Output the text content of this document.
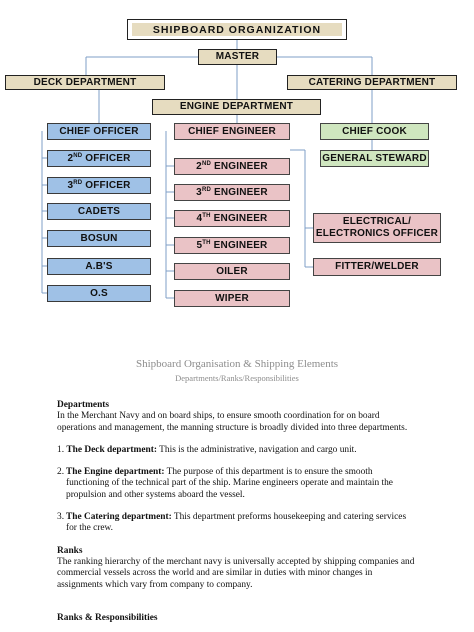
SHIPBOARD ORGANIZATION
MASTER
DECK DEPARTMENT	CATERING DEPARTMENT
ENGINE DEPARTMENT
CHIEF OFFICER
2ND OFFICER
3RD OFFICER
CADETS
BOSUN
A.B'S
O.S
CHIEF ENGINEER
2ND ENGINEER
3RD ENGINEER
4TH ENGINEER
5TH ENGINEER
OILER
WIPER
ELECTRICAL/
ELECTRONICS OFFICER
FITTER/WELDER
CHIEF COOK
GENERAL STEWARD
Shipboard Organisation & Shipping Elements
Departments/Ranks/Responsibilities

Departments

In the Merchant Navy and on board ships, to ensure smooth coordination for on board operations and management, the manning structure is broadly divided into three departments.

1. The Deck department: This is the administrative, navigation and cargo unit.

2. The Engine department: The purpose of this department is to ensure the smooth functioning of the technical part of the ship. Marine engineers operate and maintain the propulsion and other systems aboard the vessel.

3. The Catering department: This department preforms housekeeping and catering services for the crew.

Ranks

The ranking hierarchy of the merchant navy is universally accepted by shipping companies and commercial vessels across the world and are similar in duties with minor changes in assignments which vary from company to company.

Ranks & Responsibilities
